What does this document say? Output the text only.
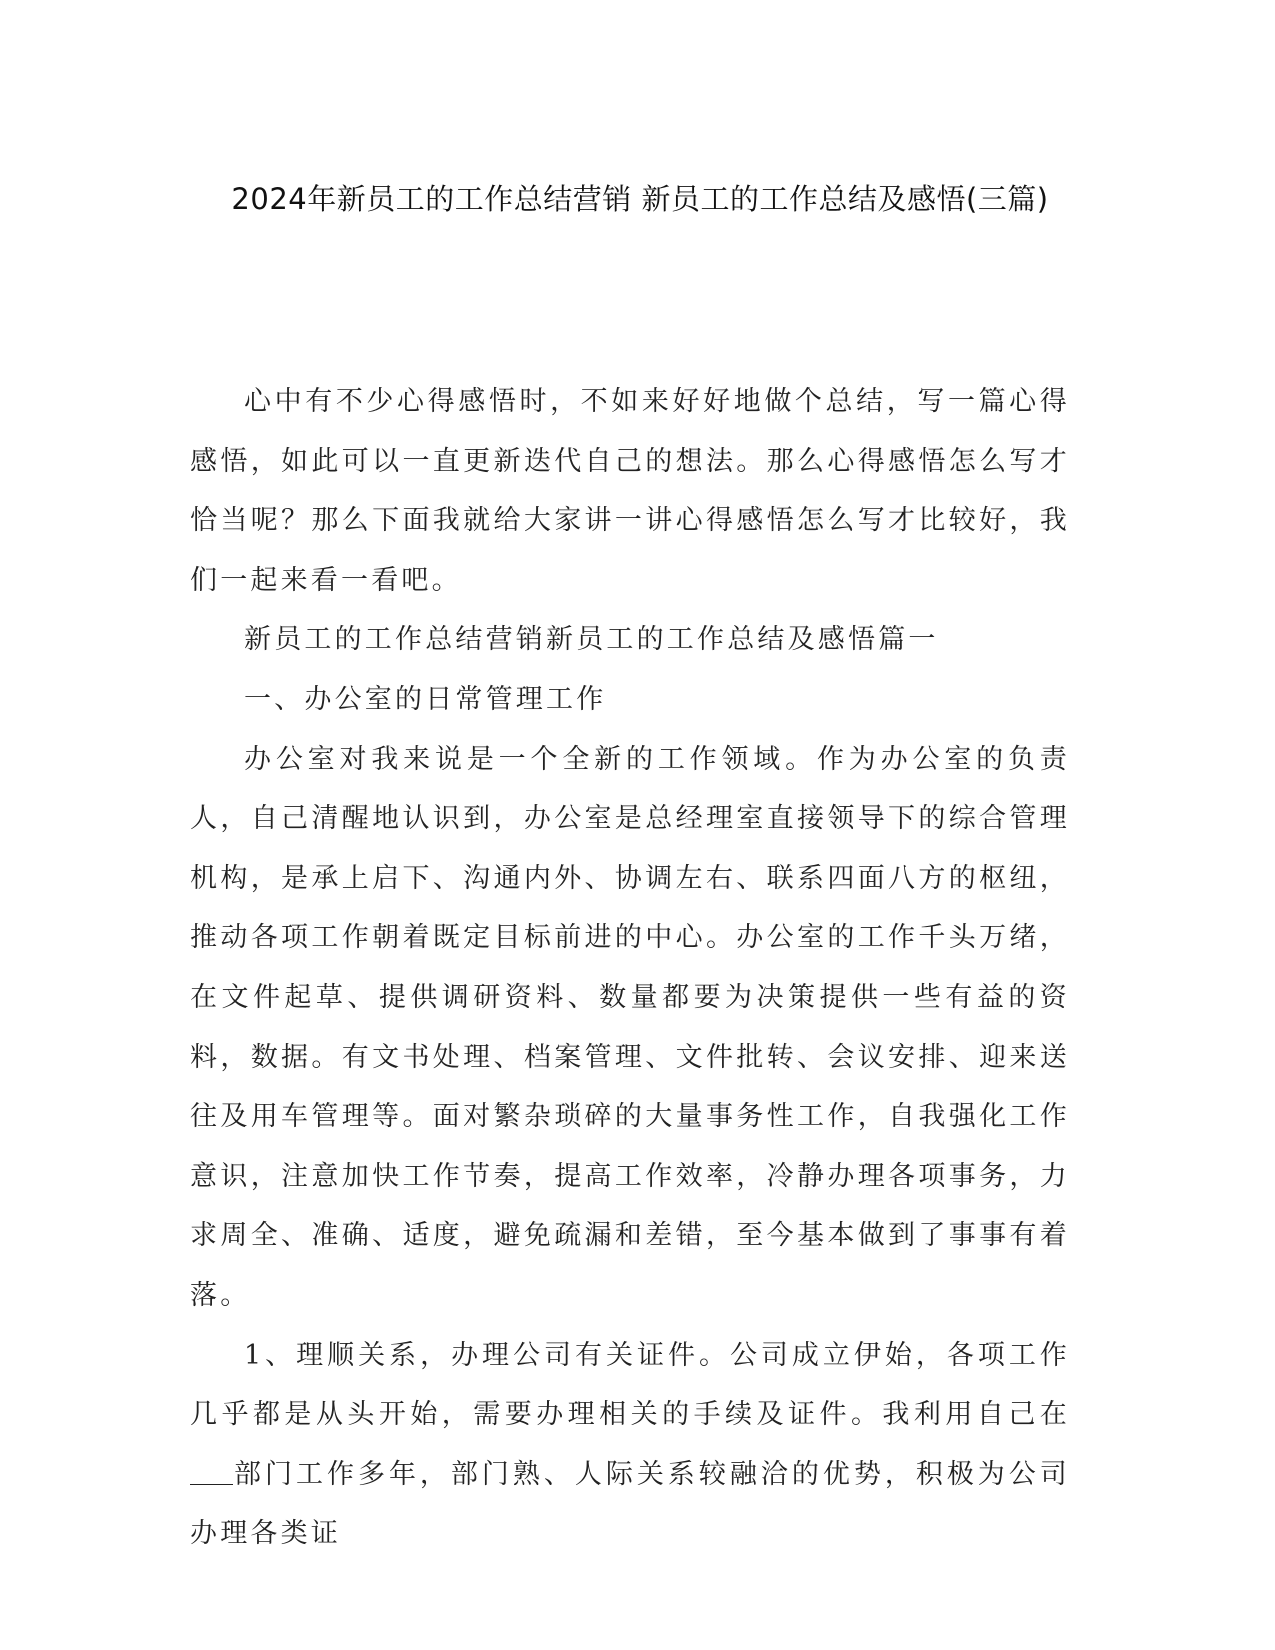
2024年新员工的工作总结营销 新员工的工作总结及感悟(三篇)

心中有不少心得感悟时，不如来好好地做个总结，写一篇心得感悟，如此可以一直更新迭代自己的想法。那么心得感悟怎么写才恰当呢？那么下面我就给大家讲一讲心得感悟怎么写才比较好，我们一起来看一看吧。

新员工的工作总结营销新员工的工作总结及感悟篇一

一、办公室的日常管理工作

办公室对我来说是一个全新的工作领域。作为办公室的负责人，自己清醒地认识到，办公室是总经理室直接领导下的综合管理机构，是承上启下、沟通内外、协调左右、联系四面八方的枢纽，推动各项工作朝着既定目标前进的中心。办公室的工作千头万绪，在文件起草、提供调研资料、数量都要为决策提供一些有益的资料，数据。有文书处理、档案管理、文件批转、会议安排、迎来送往及用车管理等。面对繁杂琐碎的大量事务性工作，自我强化工作意识，注意加快工作节奏，提高工作效率，冷静办理各项事务，力求周全、准确、适度，避免疏漏和差错，至今基本做到了事事有着落。

1、理顺关系，办理公司有关证件。公司成立伊始，各项工作几乎都是从头开始，需要办理相关的手续及证件。我利用自己在部门工作多年，部门熟、人际关系较融洽的优势，积极为公司办理各类证
